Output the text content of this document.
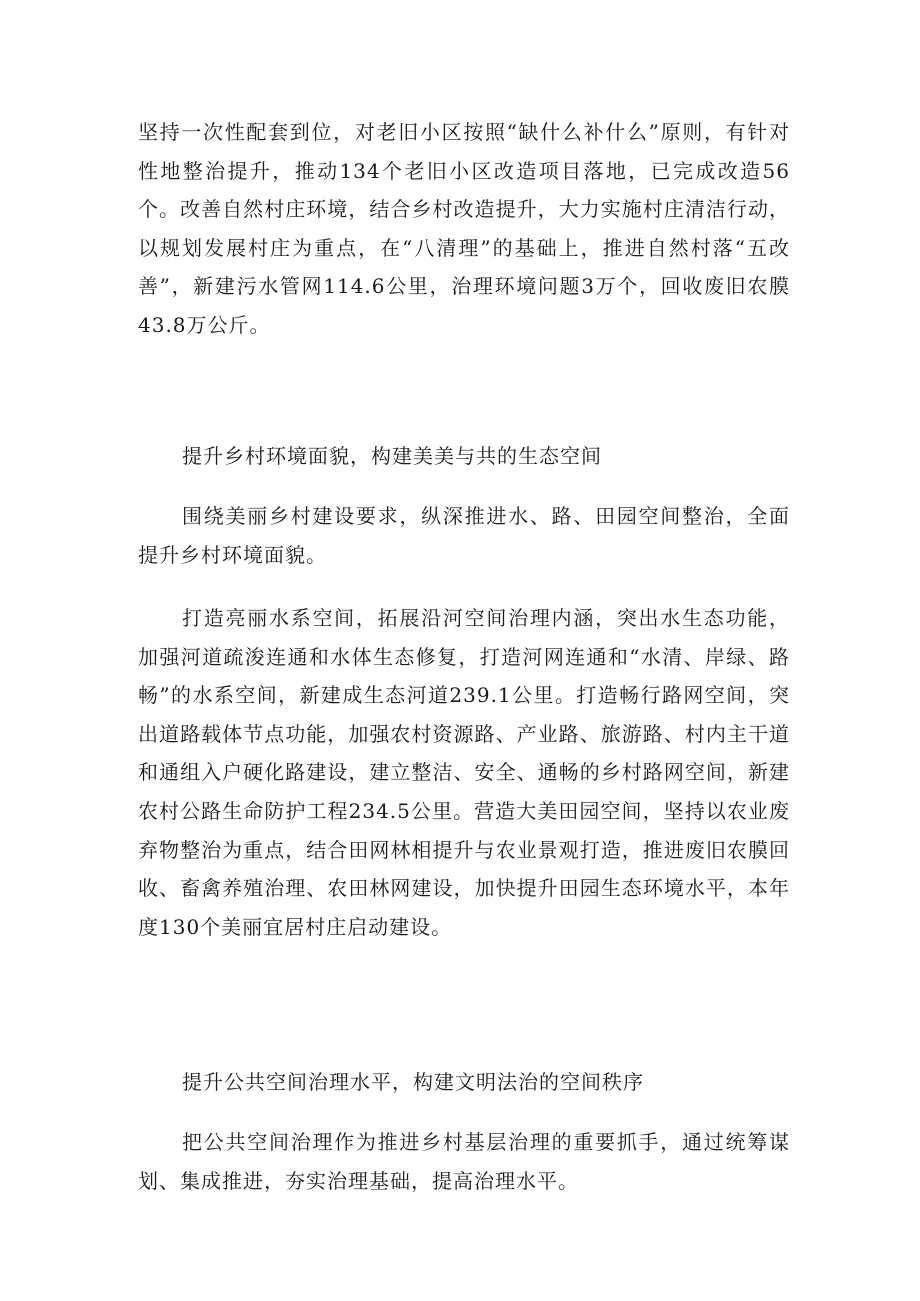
坚持一次性配套到位，对老旧小区按照“缺什么补什么”原则，有针对性地整治提升，推动134个老旧小区改造项目落地，已完成改造56个。改善自然村庄环境，结合乡村改造提升，大力实施村庄清洁行动，以规划发展村庄为重点，在“八清理”的基础上，推进自然村落“五改善”，新建污水管网114.6公里，治理环境问题3万个，回收废旧农膜43.8万公斤。

提升乡村环境面貌，构建美美与共的生态空间

围绕美丽乡村建设要求，纵深推进水、路、田园空间整治，全面提升乡村环境面貌。

打造亮丽水系空间，拓展沿河空间治理内涵，突出水生态功能，加强河道疏浚连通和水体生态修复，打造河网连通和“水清、岸绿、路畅”的水系空间，新建成生态河道239.1公里。打造畅行路网空间，突出道路载体节点功能，加强农村资源路、产业路、旅游路、村内主干道和通组入户硬化路建设，建立整洁、安全、通畅的乡村路网空间，新建农村公路生命防护工程234.5公里。营造大美田园空间，坚持以农业废弃物整治为重点，结合田网林相提升与农业景观打造，推进废旧农膜回收、畜禽养殖治理、农田林网建设，加快提升田园生态环境水平，本年度130个美丽宜居村庄启动建设。

提升公共空间治理水平，构建文明法治的空间秩序

把公共空间治理作为推进乡村基层治理的重要抓手，通过统筹谋划、集成推进，夯实治理基础，提高治理水平。
